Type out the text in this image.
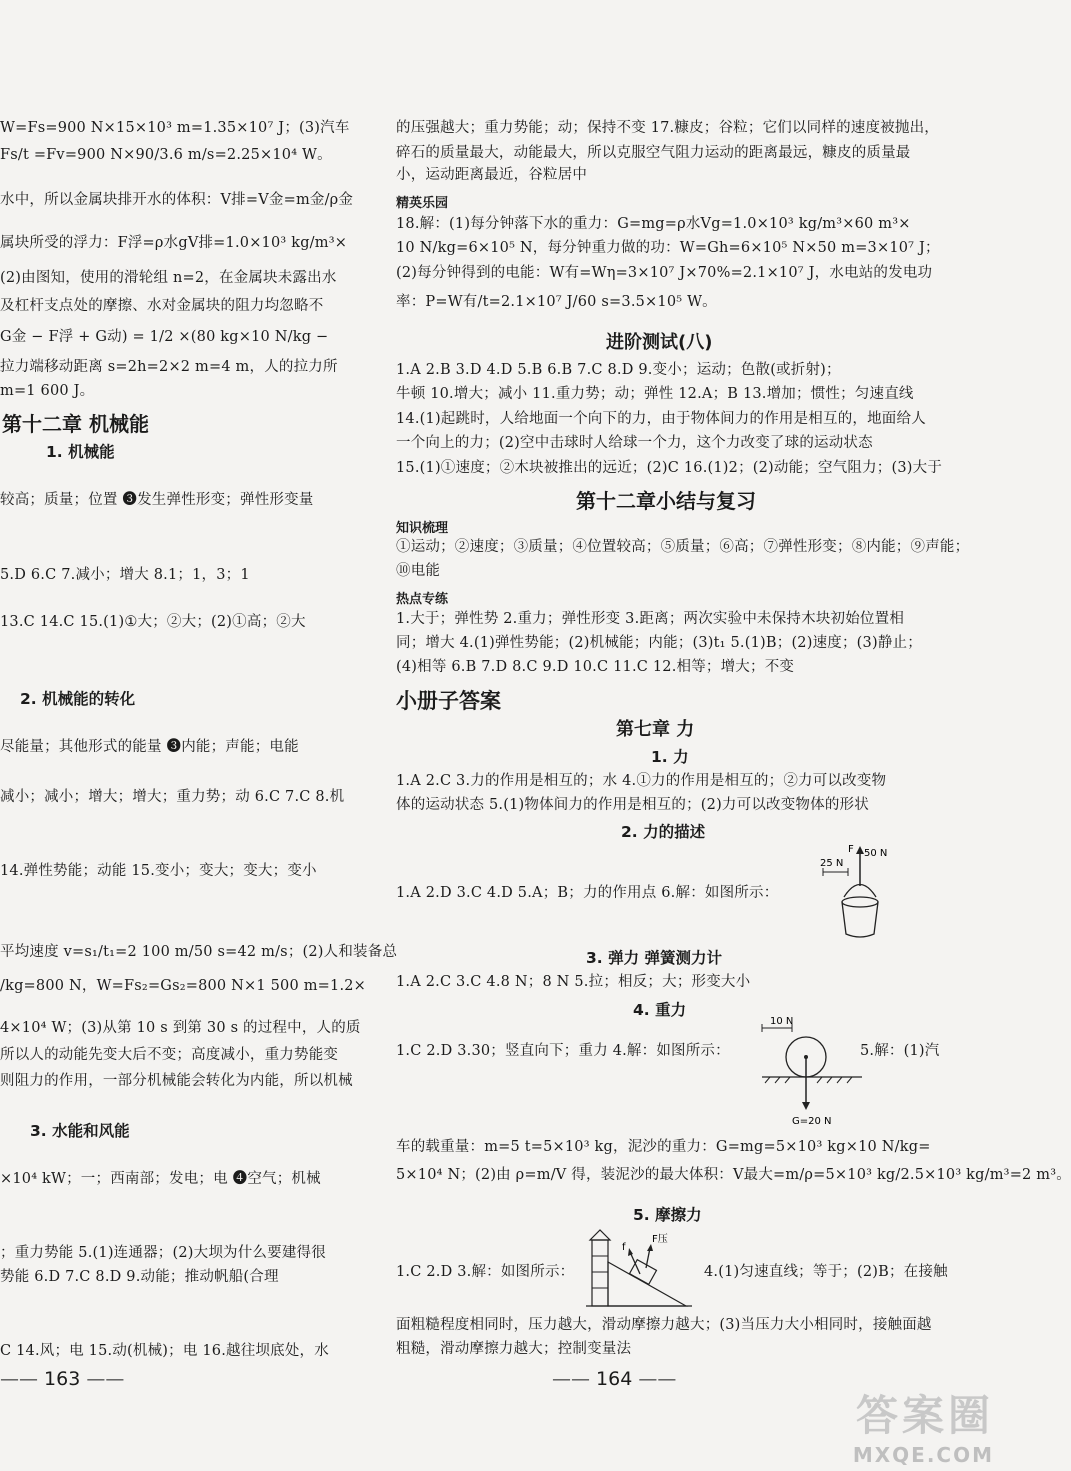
W=Fs=900 N×15×10³ m=1.35×10⁷ J；(3)汽车
Fs/t =Fv=900 N×90/3.6 m/s=2.25×10⁴ W。
水中，所以金属块排开水的体积：V排=V金=m金/ρ金
属块所受的浮力：F浮=ρ水gV排=1.0×10³ kg/m³×
(2)由图知，使用的滑轮组 n=2，在金属块未露出水
及杠杆支点处的摩擦、水对金属块的阻力均忽略不
G金 − F浮 + G动) = 1/2 ×(80 kg×10 N/kg −
拉力端移动距离 s=2h=2×2 m=4 m，人的拉力所
m=1 600 J。
第十二章 机械能
1. 机械能
较高；质量；位置 ❸发生弹性形变；弹性形变量
5.D 6.C 7.减小；增大 8.1；1，3；1
13.C 14.C 15.(1)①大；②大；(2)①高；②大
2. 机械能的转化
尽能量；其他形式的能量 ❸内能；声能；电能
减小；减小；增大；增大；重力势；动 6.C 7.C 8.机
14.弹性势能；动能 15.变小；变大；变大；变小
平均速度 v=s₁/t₁=2 100 m/50 s=42 m/s；(2)人和装备总
/kg=800 N，W=Fs₂=Gs₂=800 N×1 500 m=1.2×
4×10⁴ W；(3)从第 10 s 到第 30 s 的过程中，人的质
所以人的动能先变大后不变；高度减小，重力势能变
则阻力的作用，一部分机械能会转化为内能，所以机械
3. 水能和风能
×10⁴ kW；一；西南部；发电；电 ❹空气；机械
；重力势能 5.(1)连通器；(2)大坝为什么要建得很
势能 6.D 7.C 8.D 9.动能；推动帆船(合理
C 14.风；电 15.动(机械)；电 16.越往坝底处，水
—— 163 ——
的压强越大；重力势能；动；保持不变 17.糠皮；谷粒；它们以同样的速度被抛出，
碎石的质量最大，动能最大，所以克服空气阻力运动的距离最远，糠皮的质量最
小，运动距离最近，谷粒居中
精英乐园
18.解：(1)每分钟落下水的重力：G=mg=ρ水Vg=1.0×10³ kg/m³×60 m³×
10 N/kg=6×10⁵ N，每分钟重力做的功：W=Gh=6×10⁵ N×50 m=3×10⁷ J；
(2)每分钟得到的电能：W有=Wη=3×10⁷ J×70%=2.1×10⁷ J，水电站的发电功
率：P=W有/t=2.1×10⁷ J/60 s=3.5×10⁵ W。
进阶测试(八)
1.A 2.B 3.D 4.D 5.B 6.B 7.C 8.D 9.变小；运动；色散(或折射)；
牛顿 10.增大；减小 11.重力势；动；弹性 12.A；B 13.增加；惯性；匀速直线
14.(1)起跳时，人给地面一个向下的力，由于物体间力的作用是相互的，地面给人
一个向上的力；(2)空中击球时人给球一个力，这个力改变了球的运动状态
15.(1)①速度；②木块被推出的远近；(2)C 16.(1)2；(2)动能；空气阻力；(3)大于
第十二章小结与复习
知识梳理
①运动；②速度；③质量；④位置较高；⑤质量；⑥高；⑦弹性形变；⑧内能；⑨声能；
⑩电能
热点专练
1.大于；弹性势 2.重力；弹性形变 3.距离；两次实验中未保持木块初始位置相
同；增大 4.(1)弹性势能；(2)机械能；内能；(3)t₁ 5.(1)B；(2)速度；(3)静止；
(4)相等 6.B 7.D 8.C 9.D 10.C 11.C 12.相等；增大；不变
小册子答案
第七章 力
1. 力
1.A 2.C 3.力的作用是相互的；水 4.①力的作用是相互的；②力可以改变物
体的运动状态 5.(1)物体间力的作用是相互的；(2)力可以改变物体的形状
2. 力的描述
1.A 2.D 3.C 4.D 5.A；B；力的作用点 6.解：如图所示：
25 N
50 N
F
3. 弹力 弹簧测力计
1.A 2.C 3.C 4.8 N；8 N 5.拉；相反；大；形变大小
4. 重力
10 N
G=20 N
1.C 2.D 3.30；竖直向下；重力 4.解：如图所示：	5.解：(1)汽
车的载重量：m=5 t=5×10³ kg，泥沙的重力：G=mg=5×10³ kg×10 N/kg=
5×10⁴ N；(2)由 ρ=m/V 得，装泥沙的最大体积：V最大=m/ρ=5×10³ kg/2.5×10³ kg/m³=2 m³。
5. 摩擦力
f
F压
1.C 2.D 3.解：如图所示：	4.(1)匀速直线；等于；(2)B；在接触
面粗糙程度相同时，压力越大，滑动摩擦力越大；(3)当压力大小相同时，接触面越
粗糙，滑动摩擦力越大；控制变量法
—— 164 ——
答案圈
MXQE.COM
